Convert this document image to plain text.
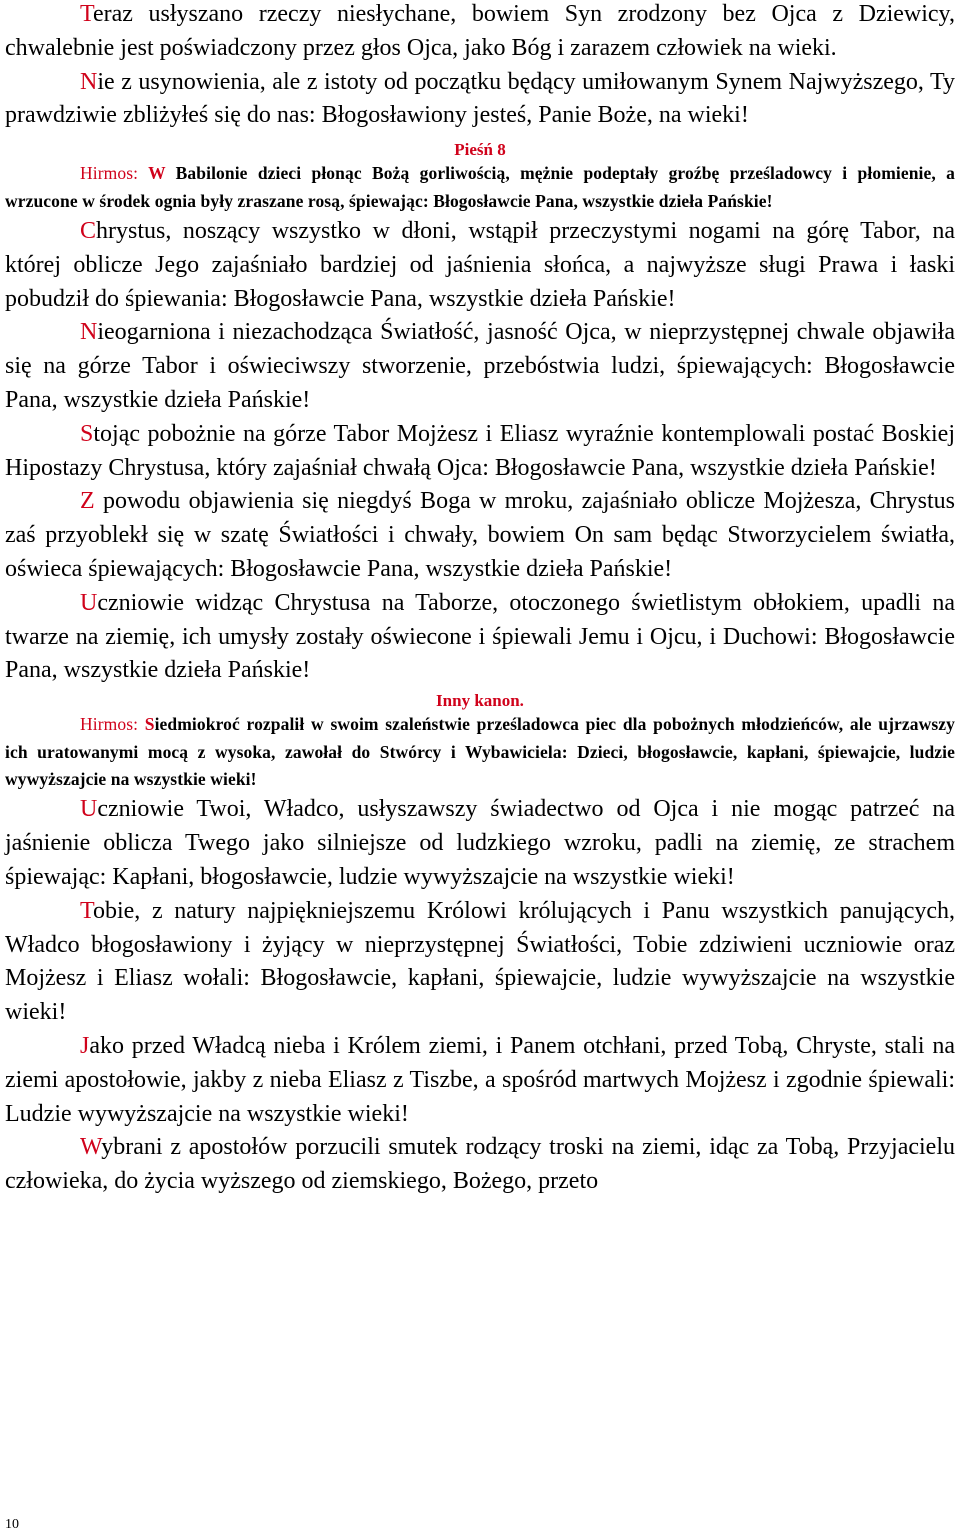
Teraz usłyszano rzeczy niesłychane, bowiem Syn zrodzony bez Ojca z Dziewicy, chwalebnie jest poświadczony przez głos Ojca, jako Bóg i zarazem człowiek na wieki.

Nie z usynowienia, ale z istoty od początku będący umiłowanym Synem Najwyższego, Ty prawdziwie zbliżyłeś się do nas: Błogosławiony jesteś, Panie Boże, na wieki!

Pieśń 8

Hirmos: W Babilonie dzieci płonąc Bożą gorliwością, mężnie podeptały groźbę prześladowcy i płomienie, a wrzucone w środek ognia były zraszane rosą, śpiewając: Błogosławcie Pana, wszystkie dzieła Pańskie!

Chrystus, noszący wszystko w dłoni, wstąpił przeczystymi nogami na górę Tabor, na której oblicze Jego zajaśniało bardziej od jaśnienia słońca, a najwyższe sługi Prawa i łaski pobudził do śpiewania: Błogosławcie Pana, wszystkie dzieła Pańskie!

Nieogarniona i niezachodząca Światłość, jasność Ojca, w nieprzystępnej chwale objawiła się na górze Tabor i oświeciwszy stworzenie, przebóstwia ludzi, śpiewających: Błogosławcie Pana, wszystkie dzieła Pańskie!

Stojąc pobożnie na górze Tabor Mojżesz i Eliasz wyraźnie kontemplowali postać Boskiej Hipostazy Chrystusa, który zajaśniał chwałą Ojca: Błogosławcie Pana, wszystkie dzieła Pańskie!

Z powodu objawienia się niegdyś Boga w mroku, zajaśniało oblicze Mojżesza, Chrystus zaś przyoblekł się w szatę Światłości i chwały, bowiem On sam będąc Stworzycielem światła, oświeca śpiewających: Błogosławcie Pana, wszystkie dzieła Pańskie!

Uczniowie widząc Chrystusa na Taborze, otoczonego świetlistym obłokiem, upadli na twarze na ziemię, ich umysły zostały oświecone i śpiewali Jemu i Ojcu, i Duchowi: Błogosławcie Pana, wszystkie dzieła Pańskie!

Inny kanon.

Hirmos: Siedmiokroć rozpalił w swoim szaleństwie prześladowca piec dla pobożnych młodzieńców, ale ujrzawszy ich uratowanymi mocą z wysoka, zawołał do Stwórcy i Wybawiciela: Dzieci, błogosławcie, kapłani, śpiewajcie, ludzie wywyższajcie na wszystkie wieki!

Uczniowie Twoi, Władco, usłyszawszy świadectwo od Ojca i nie mogąc patrzeć na jaśnienie oblicza Twego jako silniejsze od ludzkiego wzroku, padli na ziemię, ze strachem śpiewając: Kapłani, błogosławcie, ludzie wywyższajcie na wszystkie wieki!

Tobie, z natury najpiękniejszemu Królowi królujących i Panu wszystkich panujących, Władco błogosławiony i żyjący w nieprzystępnej Światłości, Tobie zdziwieni uczniowie oraz Mojżesz i Eliasz wołali: Błogosławcie, kapłani, śpiewajcie, ludzie wywyższajcie na wszystkie wieki!

Jako przed Władcą nieba i Królem ziemi, i Panem otchłani, przed Tobą, Chryste, stali na ziemi apostołowie, jakby z nieba Eliasz z Tiszbe, a spośród martwych Mojżesz i zgodnie śpiewali: Ludzie wywyższajcie na wszystkie wieki!

Wybrani z apostołów porzucili smutek rodzący troski na ziemi, idąc za Tobą, Przyjacielu człowieka, do życia wyższego od ziemskiego, Bożego, przeto

10
